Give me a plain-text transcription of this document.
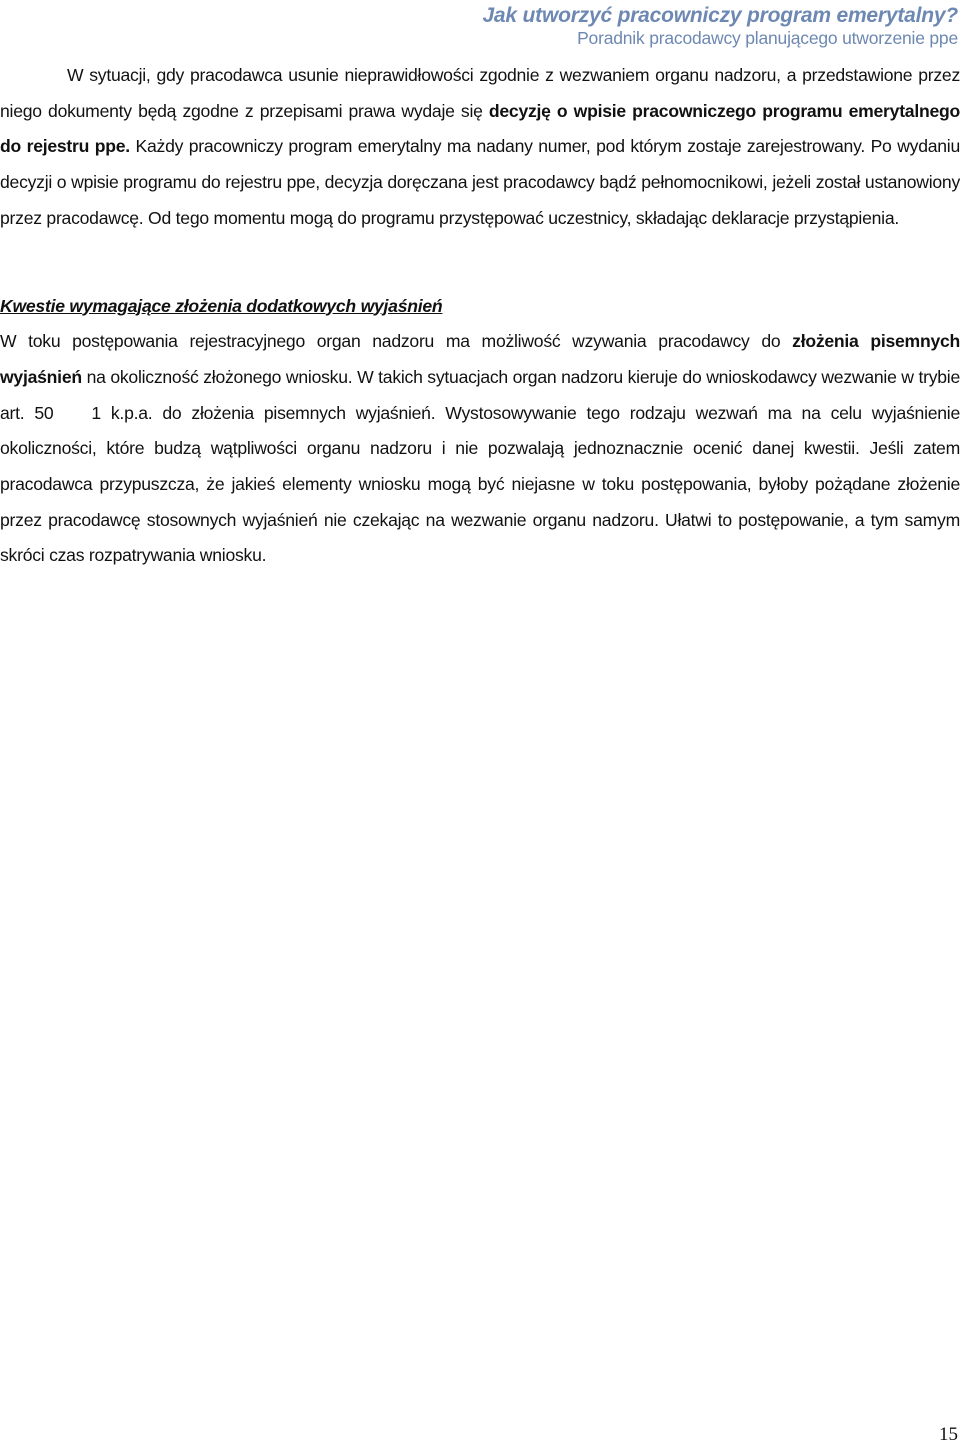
Jak utworzyć pracowniczy program emerytalny?
Poradnik pracodawcy planującego utworzenie ppe

W sytuacji, gdy pracodawca usunie nieprawidłowości zgodnie z wezwaniem organu nadzoru, a przedstawione przez niego dokumenty będą zgodne z przepisami prawa wydaje się decyzję o wpisie pracowniczego programu emerytalnego do rejestru ppe. Każdy pracowniczy program emerytalny ma nadany numer, pod którym zostaje zarejestrowany. Po wydaniu decyzji o wpisie programu do rejestru ppe, decyzja doręczana jest pracodawcy bądź pełnomocnikowi, jeżeli został ustanowiony przez pracodawcę. Od tego momentu mogą do programu przystępować uczestnicy, składając deklaracje przystąpienia.

Kwestie wymagające złożenia dodatkowych wyjaśnień

W toku postępowania rejestracyjnego organ nadzoru ma możliwość wzywania pracodawcy do złożenia pisemnych wyjaśnień na okoliczność złożonego wniosku. W takich sytuacjach organ nadzoru kieruje do wnioskodawcy wezwanie w trybie art. 50 1 k.p.a. do złożenia pisemnych wyjaśnień. Wystosowywanie tego rodzaju wezwań ma na celu wyjaśnienie okoliczności, które budzą wątpliwości organu nadzoru i nie pozwalają jednoznacznie ocenić danej kwestii. Jeśli zatem pracodawca przypuszcza, że jakieś elementy wniosku mogą być niejasne w toku postępowania, byłoby pożądane złożenie przez pracodawcę stosownych wyjaśnień nie czekając na wezwanie organu nadzoru. Ułatwi to postępowanie, a tym samym skróci czas rozpatrywania wniosku.

15
